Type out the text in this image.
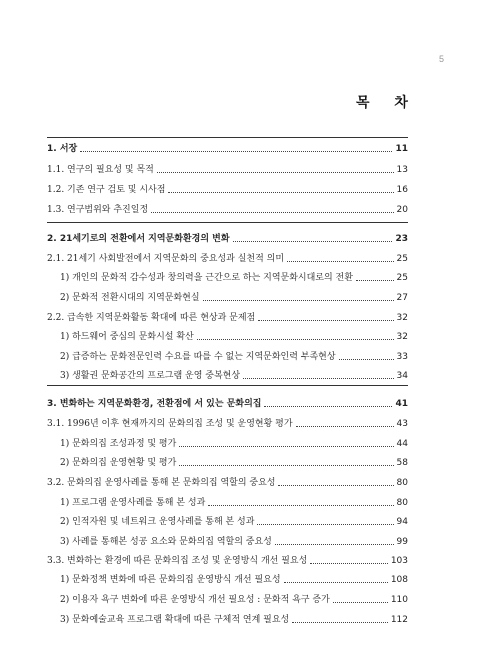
5
목 차
1. 서장	11
1.1. 연구의 필요성 및 목적	13
1.2. 기존 연구 검토 및 시사점	16
1.3. 연구범위와 추진일정	20
2. 21세기로의 전환에서 지역문화환경의 변화	23
2.1. 21세기 사회발전에서 지역문화의 중요성과 실천적 의미	25
1) 개인의 문화적 감수성과 창의력을 근간으로 하는 지역문화시대로의 전환	25
2) 문화적 전환시대의 지역문화현실	27
2.2. 급속한 지역문화활동 확대에 따른 현상과 문제점	32
1) 하드웨어 중심의 문화시설 확산	32
2) 급증하는 문화전문인력 수요를 따를 수 없는 지역문화인력 부족현상	33
3) 생활권 문화공간의 프로그램 운영 중복현상	34
3. 변화하는 지역문화환경, 전환점에 서 있는 문화의집	41
3.1. 1996년 이후 현재까지의 문화의집 조성 및 운영현황 평가	43
1) 문화의집 조성과정 및 평가	44
2) 문화의집 운영현황 및 평가	58
3.2. 문화의집 운영사례를 통해 본 문화의집 역할의 중요성	80
1) 프로그램 운영사례를 통해 본 성과	80
2) 인적자원 및 네트워크 운영사례를 통해 본 성과	94
3) 사례를 통해본 성공 요소와 문화의집 역할의 중요성	99
3.3. 변화하는 환경에 따른 문화의집 조성 및 운영방식 개선 필요성	103
1) 문화정책 변화에 따른 문화의집 운영방식 개선 필요성	108
2) 이용자 욕구 변화에 따른 운영방식 개선 필요성 : 문화적 욕구 증가	110
3) 문화예술교육 프로그램 확대에 따른 구체적 연계 필요성	112
